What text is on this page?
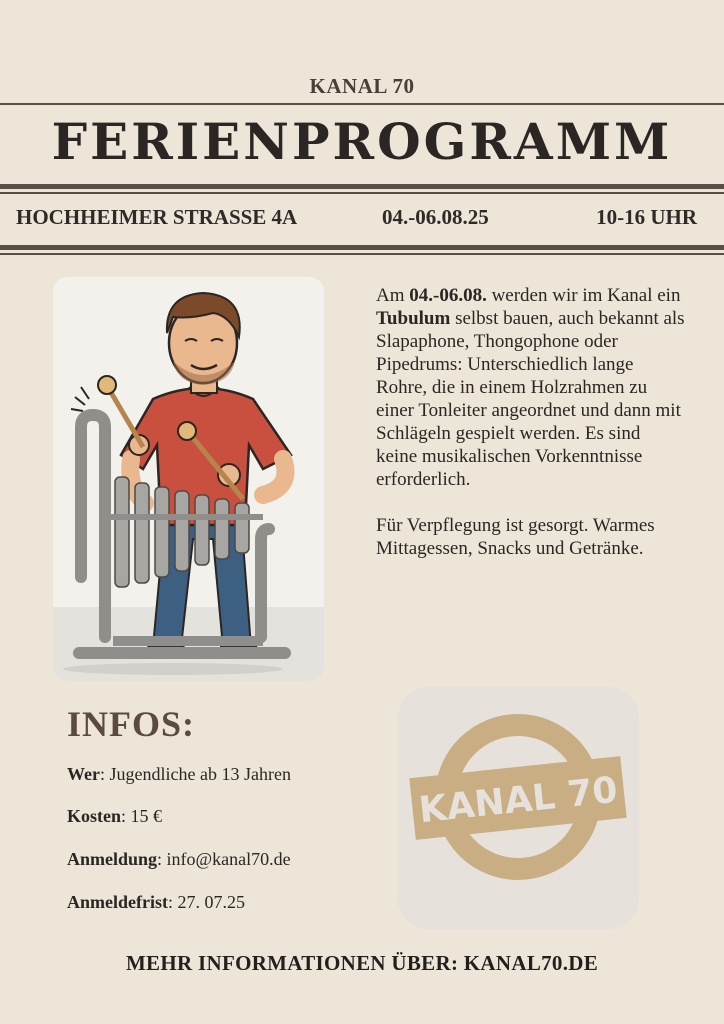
KANAL 70
FERIENPROGRAMM
HOCHHEIMER STRASSE 4A	04.-06.08.25	10-16 UHR

Am 04.-06.08. werden wir im Kanal ein Tubulum selbst bauen, auch bekannt als Slapaphone, Thongophone oder Pipedrums: Unterschiedlich lange Rohre, die in einem Holzrahmen zu einer Tonleiter angeordnet und dann mit Schlägeln gespielt werden. Es sind keine musikalischen Vorkenntnisse erforderlich.

Für Verpflegung ist gesorgt. Warmes Mittagessen, Snacks und Getränke.

INFOS:
Wer: Jugendliche ab 13 Jahren
Kosten: 15 €
Anmeldung: info@kanal70.de
Anmeldefrist: 27. 07.25
KANAL 70
MEHR INFORMATIONEN ÜBER: KANAL70.DE
